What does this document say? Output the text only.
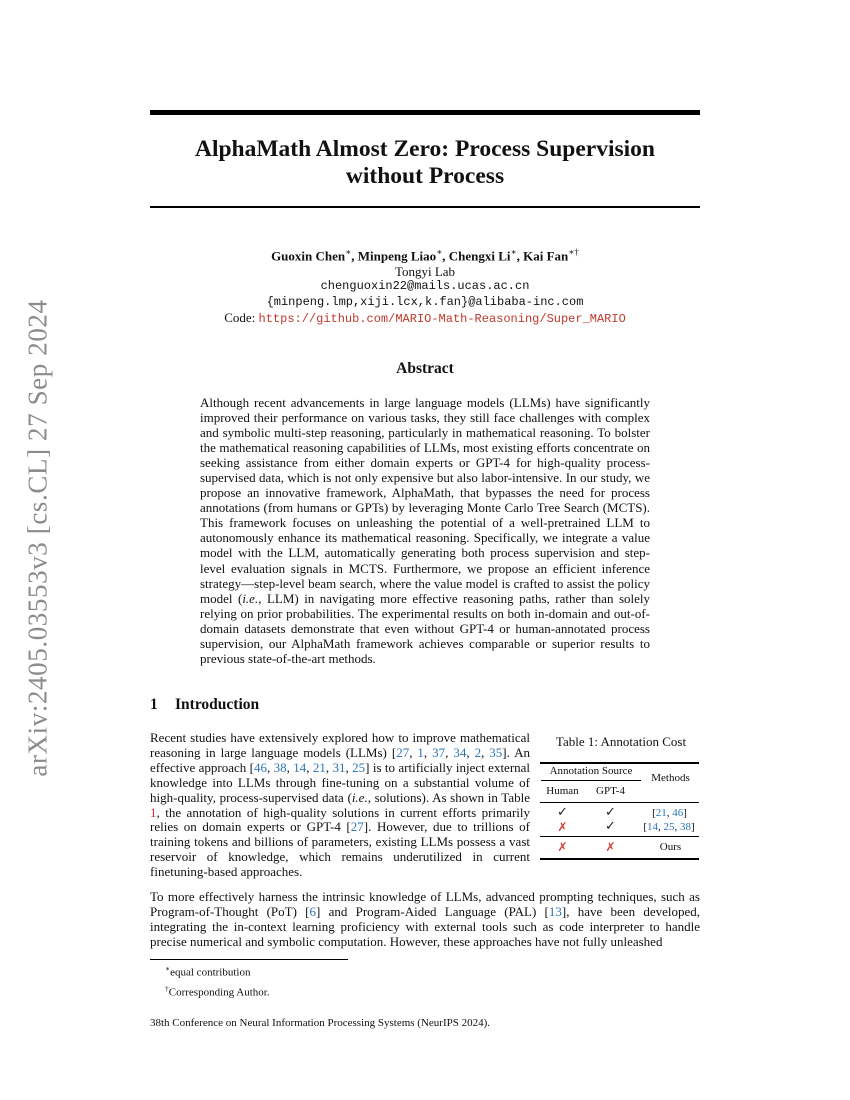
arXiv:2405.03553v3 [cs.CL] 27 Sep 2024
AlphaMath Almost Zero: Process Supervision
without Process
Guoxin Chen∗, Minpeng Liao∗, Chengxi Li∗, Kai Fan∗†
Tongyi Lab
chenguoxin22@mails.ucas.ac.cn
{minpeng.lmp,xiji.lcx,k.fan}@alibaba-inc.com
Code: https://github.com/MARIO-Math-Reasoning/Super_MARIO
Abstract
Although recent advancements in large language models (LLMs) have significantly improved their performance on various tasks, they still face challenges with complex and symbolic multi-step reasoning, particularly in mathematical reasoning. To bolster the mathematical reasoning capabilities of LLMs, most existing efforts concentrate on seeking assistance from either domain experts or GPT-4 for high-quality process-supervised data, which is not only expensive but also labor-intensive. In our study, we propose an innovative framework, AlphaMath, that bypasses the need for process annotations (from humans or GPTs) by leveraging Monte Carlo Tree Search (MCTS). This framework focuses on unleashing the potential of a well-pretrained LLM to autonomously enhance its mathematical reasoning. Specifically, we integrate a value model with the LLM, automatically generating both process supervision and step-level evaluation signals in MCTS. Furthermore, we propose an efficient inference strategy—step-level beam search, where the value model is crafted to assist the policy model (i.e., LLM) in navigating more effective reasoning paths, rather than solely relying on prior probabilities. The experimental results on both in-domain and out-of-domain datasets demonstrate that even without GPT-4 or human-annotated process supervision, our AlphaMath framework achieves comparable or superior results to previous state-of-the-art methods.
1 Introduction
Recent studies have extensively explored how to improve mathematical reasoning in large language models (LLMs) [27, 1, 37, 34, 2, 35]. An effective approach [46, 38, 14, 21, 31, 25] is to artificially inject external knowledge into LLMs through fine-tuning on a substantial volume of high-quality, process-supervised data (i.e., solutions). As shown in Table 1, the annotation of high-quality solutions in current efforts primarily relies on domain experts or GPT-4 [27]. However, due to trillions of training tokens and billions of parameters, existing LLMs possess a vast reservoir of knowledge, which remains underutilized in current finetuning-based approaches.
Table 1: Annotation Cost
Annotation Source
Methods
Human	GPT-4
✓	✓	[21, 46]
✗	✓	[14, 25, 38]
✗	✗	Ours
To more effectively harness the intrinsic knowledge of LLMs, advanced prompting techniques, such as Program-of-Thought (PoT) [6] and Program-Aided Language (PAL) [13], have been developed, integrating the in-context learning proficiency with external tools such as code interpreter to handle precise numerical and symbolic computation. However, these approaches have not fully unleashed
∗equal contribution
†Corresponding Author.
38th Conference on Neural Information Processing Systems (NeurIPS 2024).
